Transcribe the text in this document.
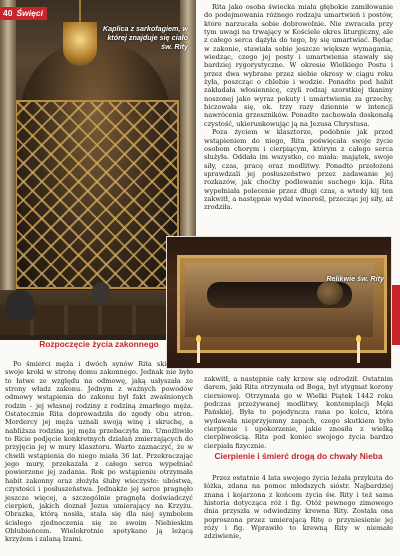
40 Święci
Kaplica z sarkofagiem, w której znajduje się ciało św. Rity

Rita jako osoba świecka miała głębokie zamiłowanie do podejmowania różnego rodzaju umartwień i postów, które narzucała sobie dobrowolnie. Nie zwracała przy tym uwagi na trwający w Kościele okres liturgiczny, ale z całego serca dążyła do tego, by się umartwiać. Będąc w zakonie, stawiała sobie jeszcze większe wymagania, wiedząc, czego jej posty i umartwienia stawały się bardziej rygorystyczne. W okresie Wielkiego Postu i przez dwa wybrane przez siebie okresy w ciągu roku żyła, poszcząc o chlebie i wodzie. Ponadto pod habit zakładała włosiennicę, czyli rodzaj szorstkiej tkaniny noszonej jako wyraz pokuty i umartwienia za grzechy, biczowała się, ok. trzy razy dziennie w intencji nawrócenia grzeszników. Ponadto zachowała doskonałą czystość, ukierunkowując ją na Jezusa Chrystusa.

Poza życiem w klasztorze, podobnie jak przed wstąpieniem do niego, Rita poświęcała swoje życie osobom chorym i cierpiącym, którym z całego serca służyła. Oddała im wszystko, co miała: majątek, swoje siły, czas, pracę oraz modlitwy. Ponadto przełożeni sprawdzali jej posłuszeństwo przez zadawanie jej rozkazów, jak choćby podlewanie suchego kija. Rita wypełniała polecenie przez długi czas, a wtedy kij ten zakwitł, a następnie wydał winorośl, przecząc jej siły, aż zrodziła.

Relikwie św. Rity
Rozpoczęcie życia zakonnego

Po śmierci męża i dwóch synów Rita skierowała swoje kroki w stronę domu zakonnego. Jednak nie było to łatwe ze względu na odmowę, jaką usłyszała ze strony władz zakonu. Jednym z ważnych powodów odmowy wstąpienia do zakonu był fakt zwaśnionych rodzin – jej własnej rodziny z rodziną zmarłego męża. Ostatecznie Rita doprowadziła do zgody obu stron. Mordercy jej męża uznali swoją winę i skruchę, a nabliższa rodzina jej męża przebaczyła im. Umożliwiło to Ricie podjęcie konkretnych działań zmierzających do przyjęcia jej w mury klasztoru. Warto zaznaczyć, że w chwili wstąpienia do niego miała 36 lat. Przekraczając jego mury, przekazała z całego serca wypełniać powierzone jej zadania. Rok po wstąpieniu otrzymała habit zakonny oraz złożyła śluby wieczyste: ubóstwa, czystości i posłuszeństwa. Jednakże jej serce pragnęło jeszcze więcej, a szczególnie pragnęła doświadczyć cierpień, jakich doznał Jezus umierający na Krzyżu. Obrazka, którą nosiła, stała się dla niej symbolem ścisłego zjednoczenia się ze swoim Niebieskim Oblubieńcem. Wielokrotnie spotykano ją leżącą krzyżem i zalaną łzami.

zakwitł, a następnie cały krzew się odrodził. Ostatnim darem, jaki Rita otrzymała od Boga, był stygmat korony cierniowej. Otrzymała go w Wielki Piątek 1442 roku podczas przeżywanej modlitwy, kontemplacji Męki Pańskiej. Była to pojedyncza rana po kolcu, która wydawała nieprzyjemny zapach, czego skutkiem było cierpienie i upokorzenie, jakie znosiła z wielką cierpliwością. Rita pod koniec swojego życia bardzo cierpiała fizycznie.

Cierpienie i śmierć drogą do chwały Nieba

Przez ostatnie 4 lata swojego życia leżała przykuta do łóżka, zdana na pomoc młodszych sióstr. Najbardziej znana i kojarzona z końcem życia św. Rity i też sama historia dotycząca róż i fig. Otóż pewnego zimowego dnia przyszła w odwiedziny krewna Rity. Została ona poproszona przez umierającą Ritę o przyniesienie jej róży i fig. Wprawiło to krewną Rity w niemałe zdziwienie,
